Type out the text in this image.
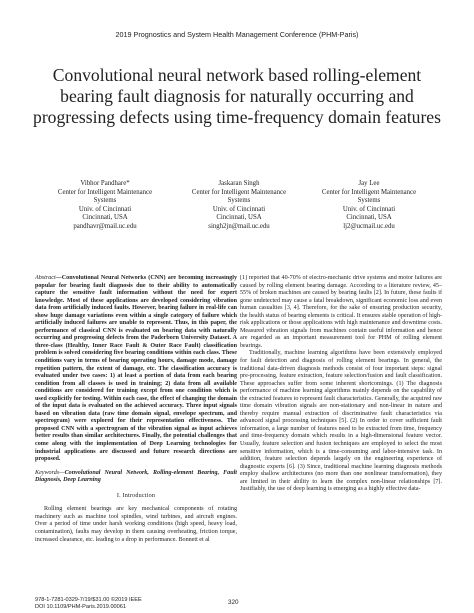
2019 Prognostics and System Health Management Conference (PHM-Paris)
Convolutional neural network based rolling-element bearing fault diagnosis for naturally occurring and progressing defects using time-frequency domain features
Vibhor Pandhare*
Center for Intelligent Maintenance
Systems
Univ. of Cincinnati
Cincinnati, USA
pandhavr@mail.uc.edu
Jaskaran Singh
Center for Intelligent Maintenance
Systems
Univ. of Cincinnati
Cincinnati, USA
singh2jn@mail.uc.edu
Jay Lee
Center for Intelligent Maintenance
Systems
Univ. of Cincinnati
Cincinnati, USA
lj2@ucmail.uc.edu
Abstract—Convolutional Neural Networks (CNN) are becoming increasingly popular for bearing fault diagnosis due to their ability to automatically capture the sensitive fault information without the need for expert knowledge. Most of these applications are developed considering vibration data from artificially induced faults. However, bearing failure in real-life can show huge damage variations even within a single category of failure which artificially induced failures are unable to represent. Thus, in this paper, the performance of classical CNN is evaluated on bearing data with naturally occurring and progressing defects from the Paderborn University Dataset. A three-class (Healthy, Inner Race Fault & Outer Race Fault) classification problem is solved considering five bearing conditions within each class. These conditions vary in terms of bearing operating hours, damage mode, damage repetition pattern, the extent of damage, etc. The classification accuracy is evaluated under two cases: 1) at least a portion of data from each bearing condition from all classes is used in training; 2) data from all available conditions are considered for training except from one condition which is used explicitly for testing. Within each case, the effect of changing the domain of the input data is evaluated on the achieved accuracy. Three input signals based on vibration data (raw time domain signal, envelope spectrum, and spectrogram) were explored for their representation effectiveness. The proposed CNN with a spectrogram of the vibration signal as input achieves better results than similar architectures. Finally, the potential challenges that come along with the implementation of Deep Learning technologies for industrial applications are discussed and future research directions are proposed.
Keywords—Convolutional Neural Network, Rolling-element Bearing, Fault Diagnosis, Deep Learning
I. Introduction

Rolling element bearings are key mechanical components of rotating machinery such as machine tool spindles, wind turbines, and aircraft engines. Over a period of time under harsh working conditions (high speed, heavy load, contamination), faults may develop in them causing overheating, friction torque, increased clearance, etc. leading to a drop in performance. Bonnett et al

[1] reported that 40-70% of electro-mechanic drive systems and motor failures are caused by rolling element bearing damage. According to a literature review, 45–55% of broken machines are caused by bearing faults [2]. In future, these faults if gone undetected may cause a fatal breakdown, significant economic loss and even human casualties [3, 4]. Therefore, for the sake of ensuring production security, the health status of bearing elements is critical. It ensures stable operation of high-risk applications or those applications with high maintenance and downtime costs. Measured vibration signals from machines contain useful information and hence are regarded as an important measurement tool for PHM of rolling element bearings.

Traditionally, machine learning algorithms have been extensively employed for fault detection and diagnosis of rolling element bearings. In general, the traditional data-driven diagnosis methods consist of four important steps: signal pre-processing, feature extraction, feature selection/fusion and fault classification. These approaches suffer from some inherent shortcomings. (1) The diagnosis performance of machine learning algorithms mainly depends on the capability of the extracted features to represent fault characteristics. Generally, the acquired raw time domain vibration signals are non-stationary and non-linear in nature and thereby require manual extraction of discriminative fault characteristics via advanced signal processing techniques [5]. (2) In order to cover sufficient fault information, a large number of features need to be extracted from time, frequency and time-frequency domain which results in a high-dimensional feature vector. Usually, feature selection and fusion techniques are employed to select the most sensitive information, which is a time-consuming and labor-intensive task. In addition, feature selection depends largely on the engineering experience of diagnostic experts [6]. (3) Since, traditional machine learning diagnosis methods employ shallow architectures (no more than one nonlinear transformation), they are limited in their ability to learn the complex non-linear relationships [7]. Justifiably, the use of deep learning is emerging as a highly effective data-

978-1-7281-0329-7/19/$31.00 ©2019 IEEE
DOI 10.1109/PHM-Paris.2019.00061
320
